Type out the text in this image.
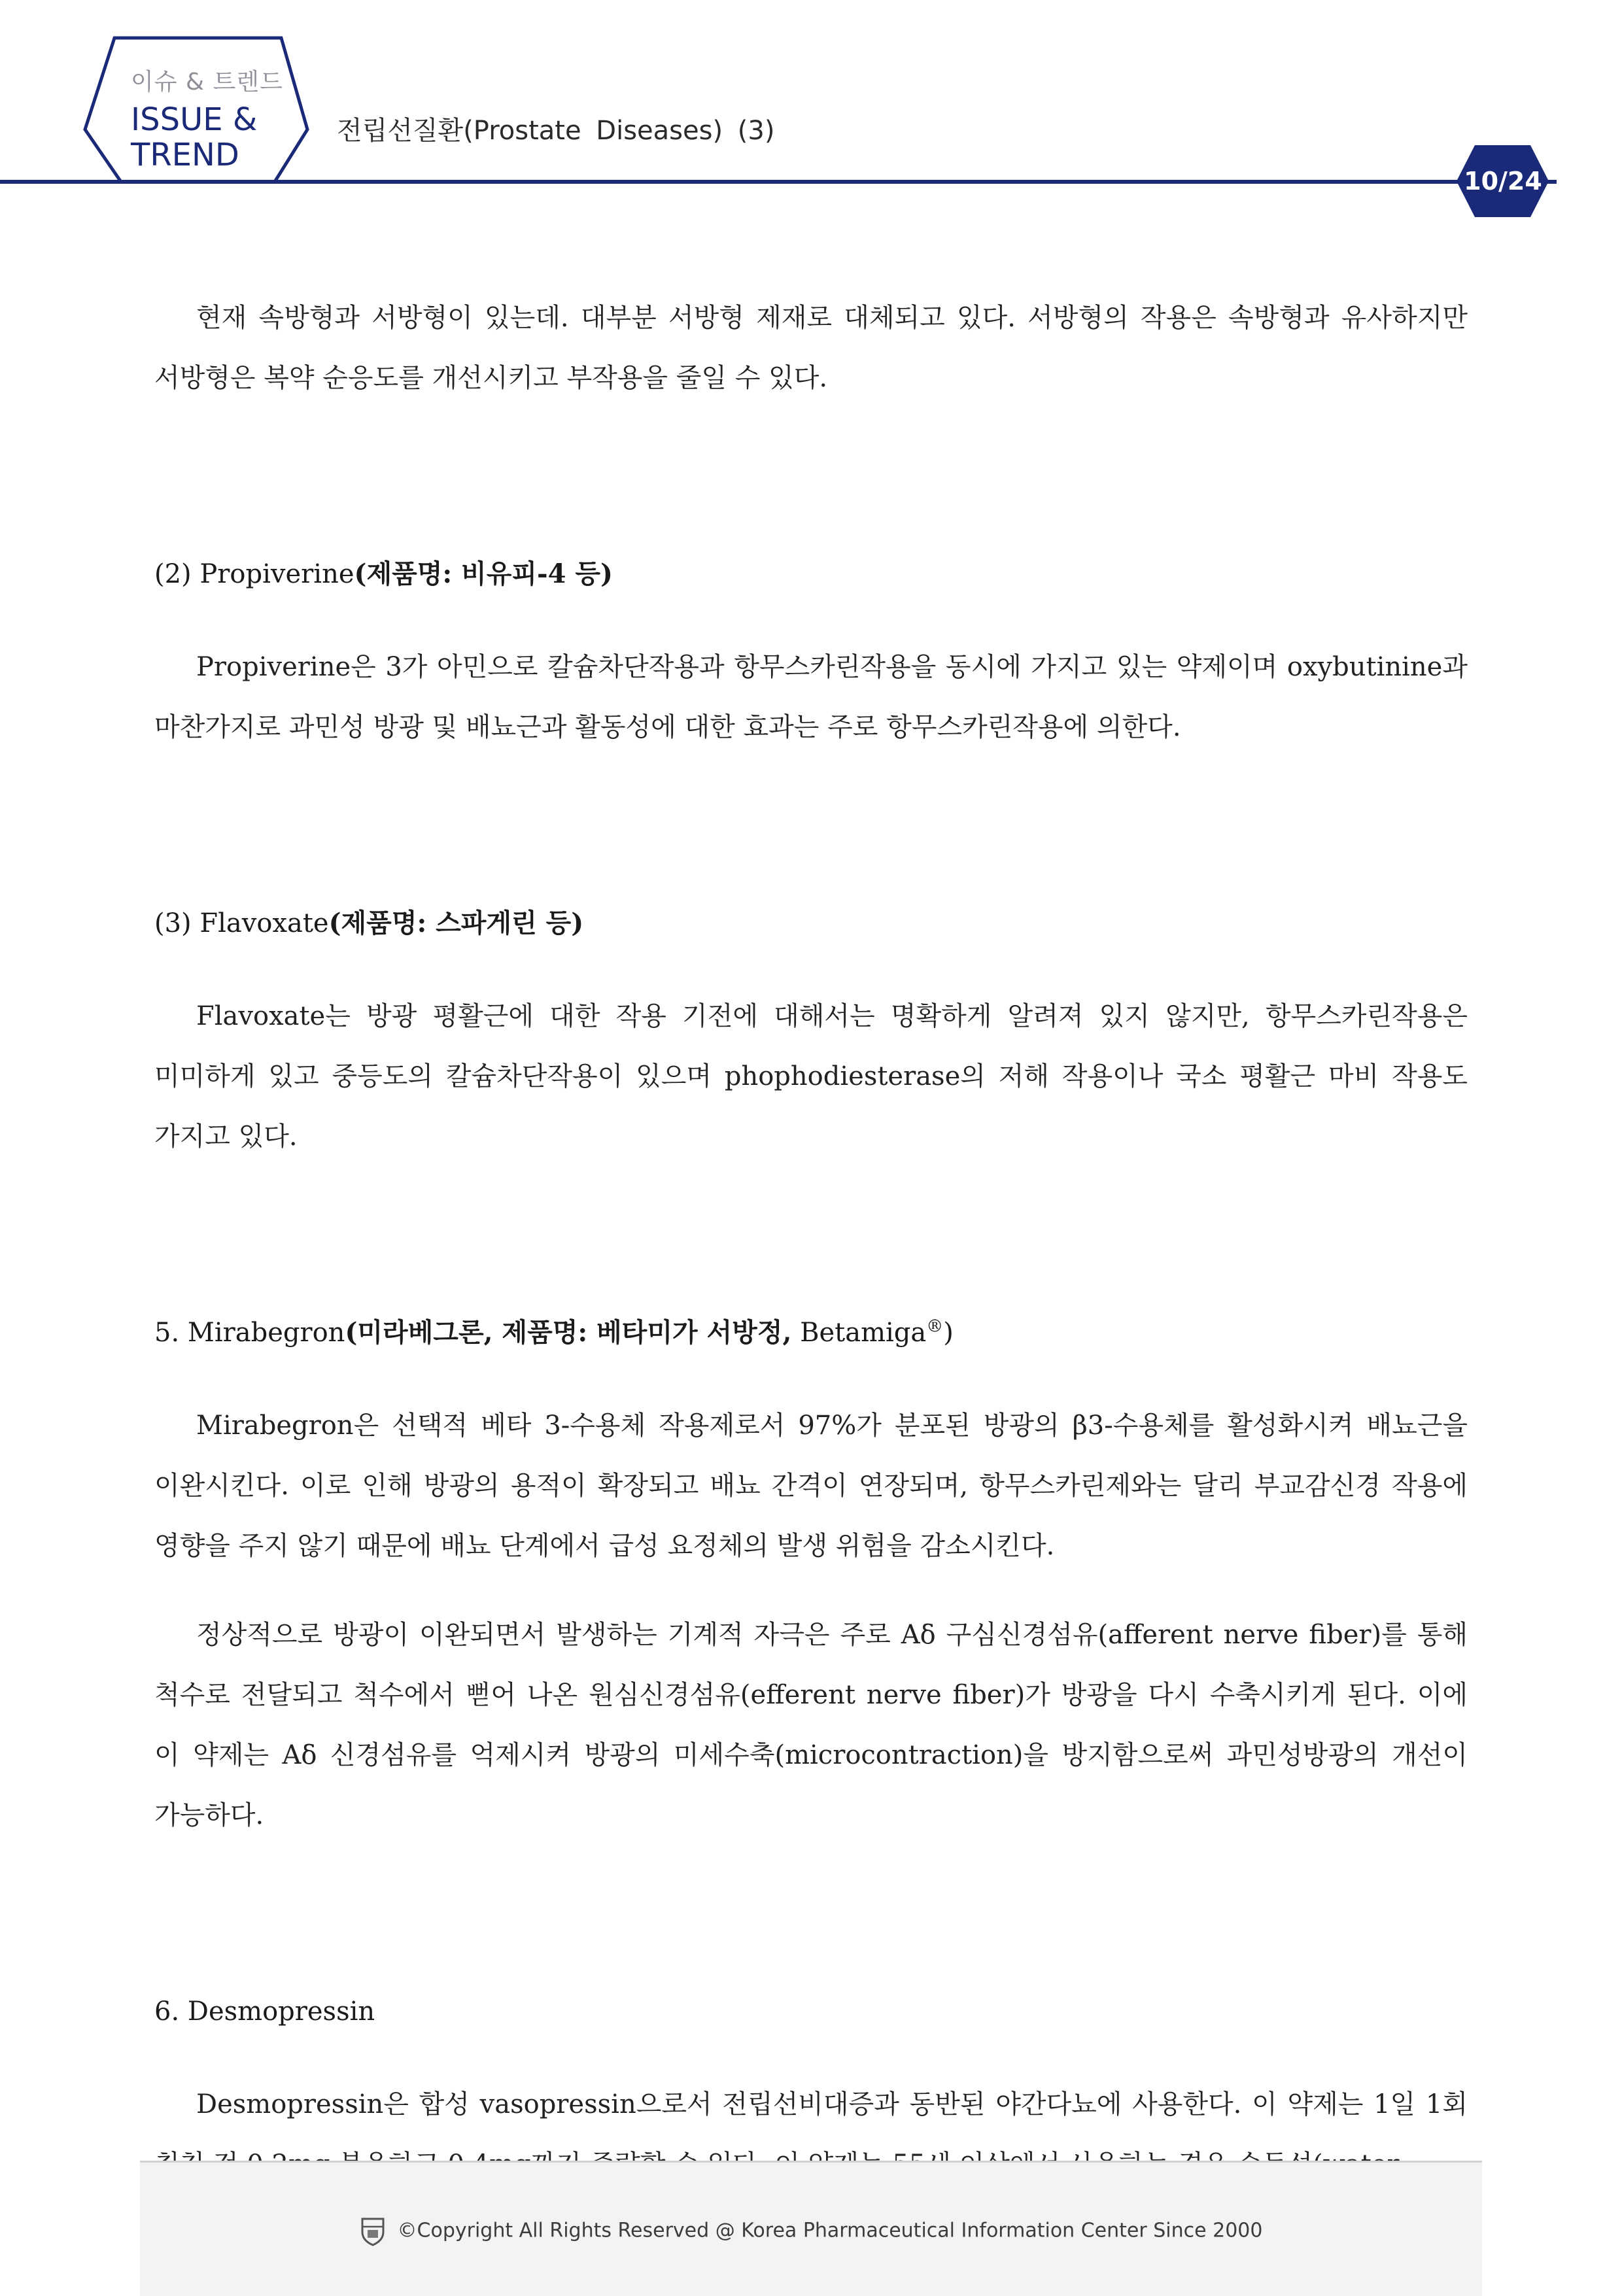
이슈 & 트렌드
ISSUE &
TREND
전립선질환(Prostate Diseases) (3)
10/24

현재 속방형과 서방형이 있는데. 대부분 서방형 제재로 대체되고 있다. 서방형의 작용은 속방형과 유사하지만 서방형은 복약 순응도를 개선시키고 부작용을 줄일 수 있다.

(2) Propiverine(제품명: 비유피-4 등)

Propiverine은 3가 아민으로 칼슘차단작용과 항무스카린작용을 동시에 가지고 있는 약제이며 oxybutinine과 마찬가지로 과민성 방광 및 배뇨근과 활동성에 대한 효과는 주로 항무스카린작용에 의한다.

(3) Flavoxate(제품명: 스파게린 등)

Flavoxate는 방광 평활근에 대한 작용 기전에 대해서는 명확하게 알려져 있지 않지만, 항무스카린작용은 미미하게 있고 중등도의 칼슘차단작용이 있으며 phophodiesterase의 저해 작용이나 국소 평활근 마비 작용도 가지고 있다.

5. Mirabegron(미라베그론, 제품명: 베타미가 서방정, Betamiga®)

Mirabegron은 선택적 베타 3-수용체 작용제로서 97%가 분포된 방광의 β3-수용체를 활성화시켜 배뇨근을 이완시킨다. 이로 인해 방광의 용적이 확장되고 배뇨 간격이 연장되며, 항무스카린제와는 달리 부교감신경 작용에 영향을 주지 않기 때문에 배뇨 단계에서 급성 요정체의 발생 위험을 감소시킨다.

정상적으로 방광이 이완되면서 발생하는 기계적 자극은 주로 Aδ 구심신경섬유(afferent nerve fiber)를 통해 척수로 전달되고 척수에서 뻗어 나온 원심신경섬유(efferent nerve fiber)가 방광을 다시 수축시키게 된다. 이에 이 약제는 Aδ 신경섬유를 억제시켜 방광의 미세수축(microcontraction)을 방지함으로써 과민성방광의 개선이 가능하다.

6. Desmopressin

Desmopressin은 합성 vasopressin으로서 전립선비대증과 동반된 야간다뇨에 사용한다. 이 약제는 1일 1회

©Copyright All Rights Reserved @ Korea Pharmaceutical Information Center Since 2000
